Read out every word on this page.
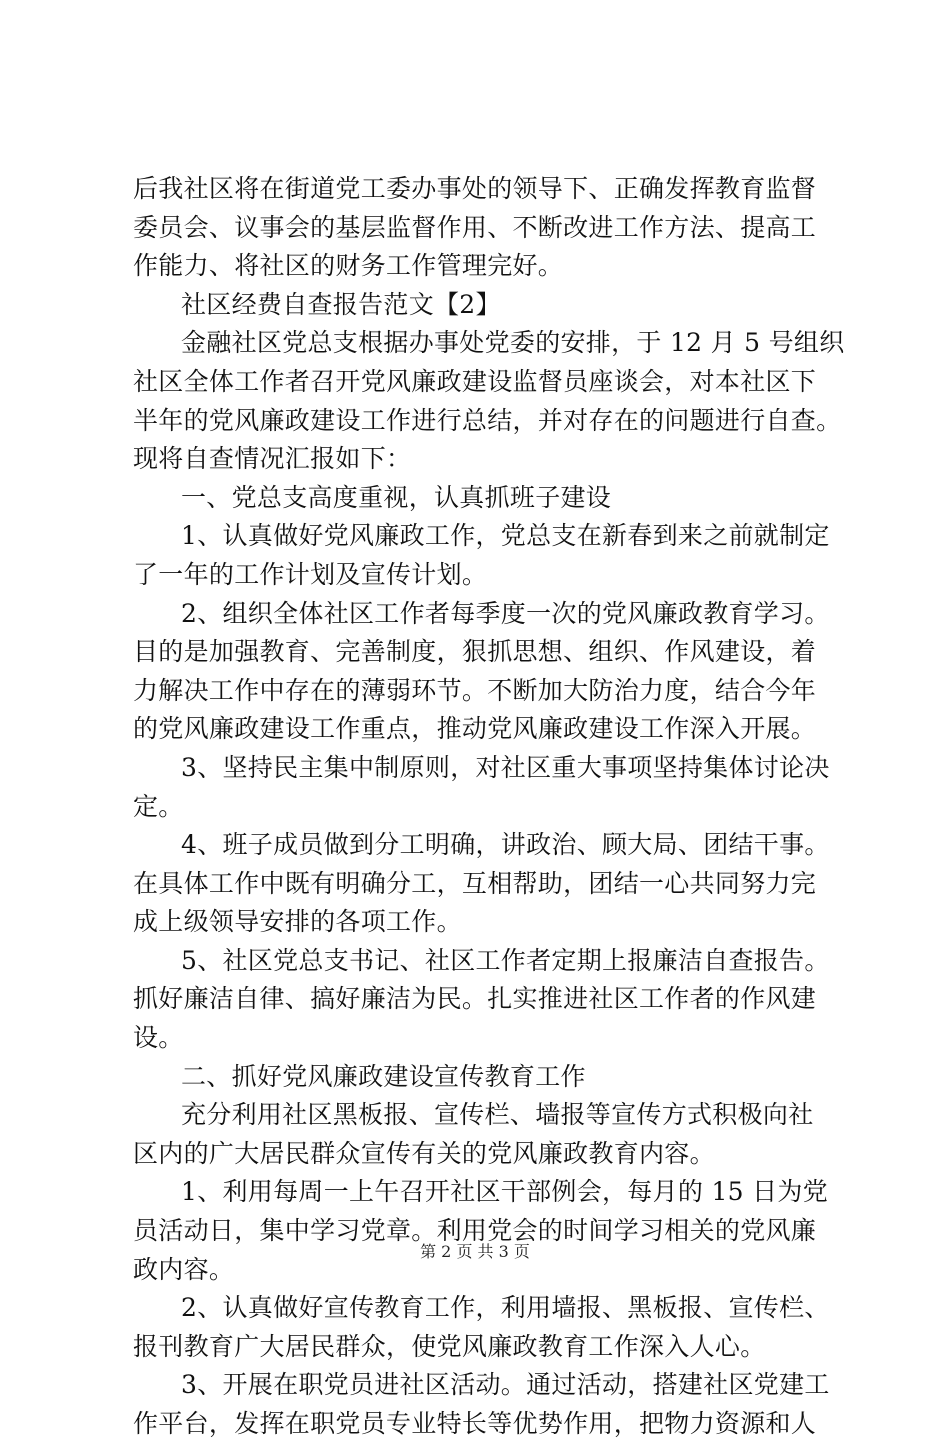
后我社区将在街道党工委办事处的领导下、正确发挥教育监督
委员会、议事会的基层监督作用、不断改进工作方法、提高工
作能力、将社区的财务工作管理完好。
社区经费自查报告范文【2】
金融社区党总支根据办事处党委的安排，于 12 月 5 号组织
社区全体工作者召开党风廉政建设监督员座谈会，对本社区下
半年的党风廉政建设工作进行总结，并对存在的问题进行自查。
现将自查情况汇报如下：
一、党总支高度重视，认真抓班子建设
1、认真做好党风廉政工作，党总支在新春到来之前就制定
了一年的工作计划及宣传计划。
2、组织全体社区工作者每季度一次的党风廉政教育学习。
目的是加强教育、完善制度，狠抓思想、组织、作风建设，着
力解决工作中存在的薄弱环节。不断加大防治力度，结合今年
的党风廉政建设工作重点，推动党风廉政建设工作深入开展。
3、坚持民主集中制原则，对社区重大事项坚持集体讨论决
定。
4、班子成员做到分工明确，讲政治、顾大局、团结干事。
在具体工作中既有明确分工，互相帮助，团结一心共同努力完
成上级领导安排的各项工作。
5、社区党总支书记、社区工作者定期上报廉洁自查报告。
抓好廉洁自律、搞好廉洁为民。扎实推进社区工作者的作风建
设。
二、抓好党风廉政建设宣传教育工作
充分利用社区黑板报、宣传栏、墙报等宣传方式积极向社
区内的广大居民群众宣传有关的党风廉政教育内容。
1、利用每周一上午召开社区干部例会，每月的 15 日为党
员活动日，集中学习党章。利用党会的时间学习相关的党风廉
政内容。
2、认真做好宣传教育工作，利用墙报、黑板报、宣传栏、
报刊教育广大居民群众，使党风廉政教育工作深入人心。
3、开展在职党员进社区活动。通过活动，搭建社区党建工
作平台，发挥在职党员专业特长等优势作用，把物力资源和人
第 2 页 共 3 页
